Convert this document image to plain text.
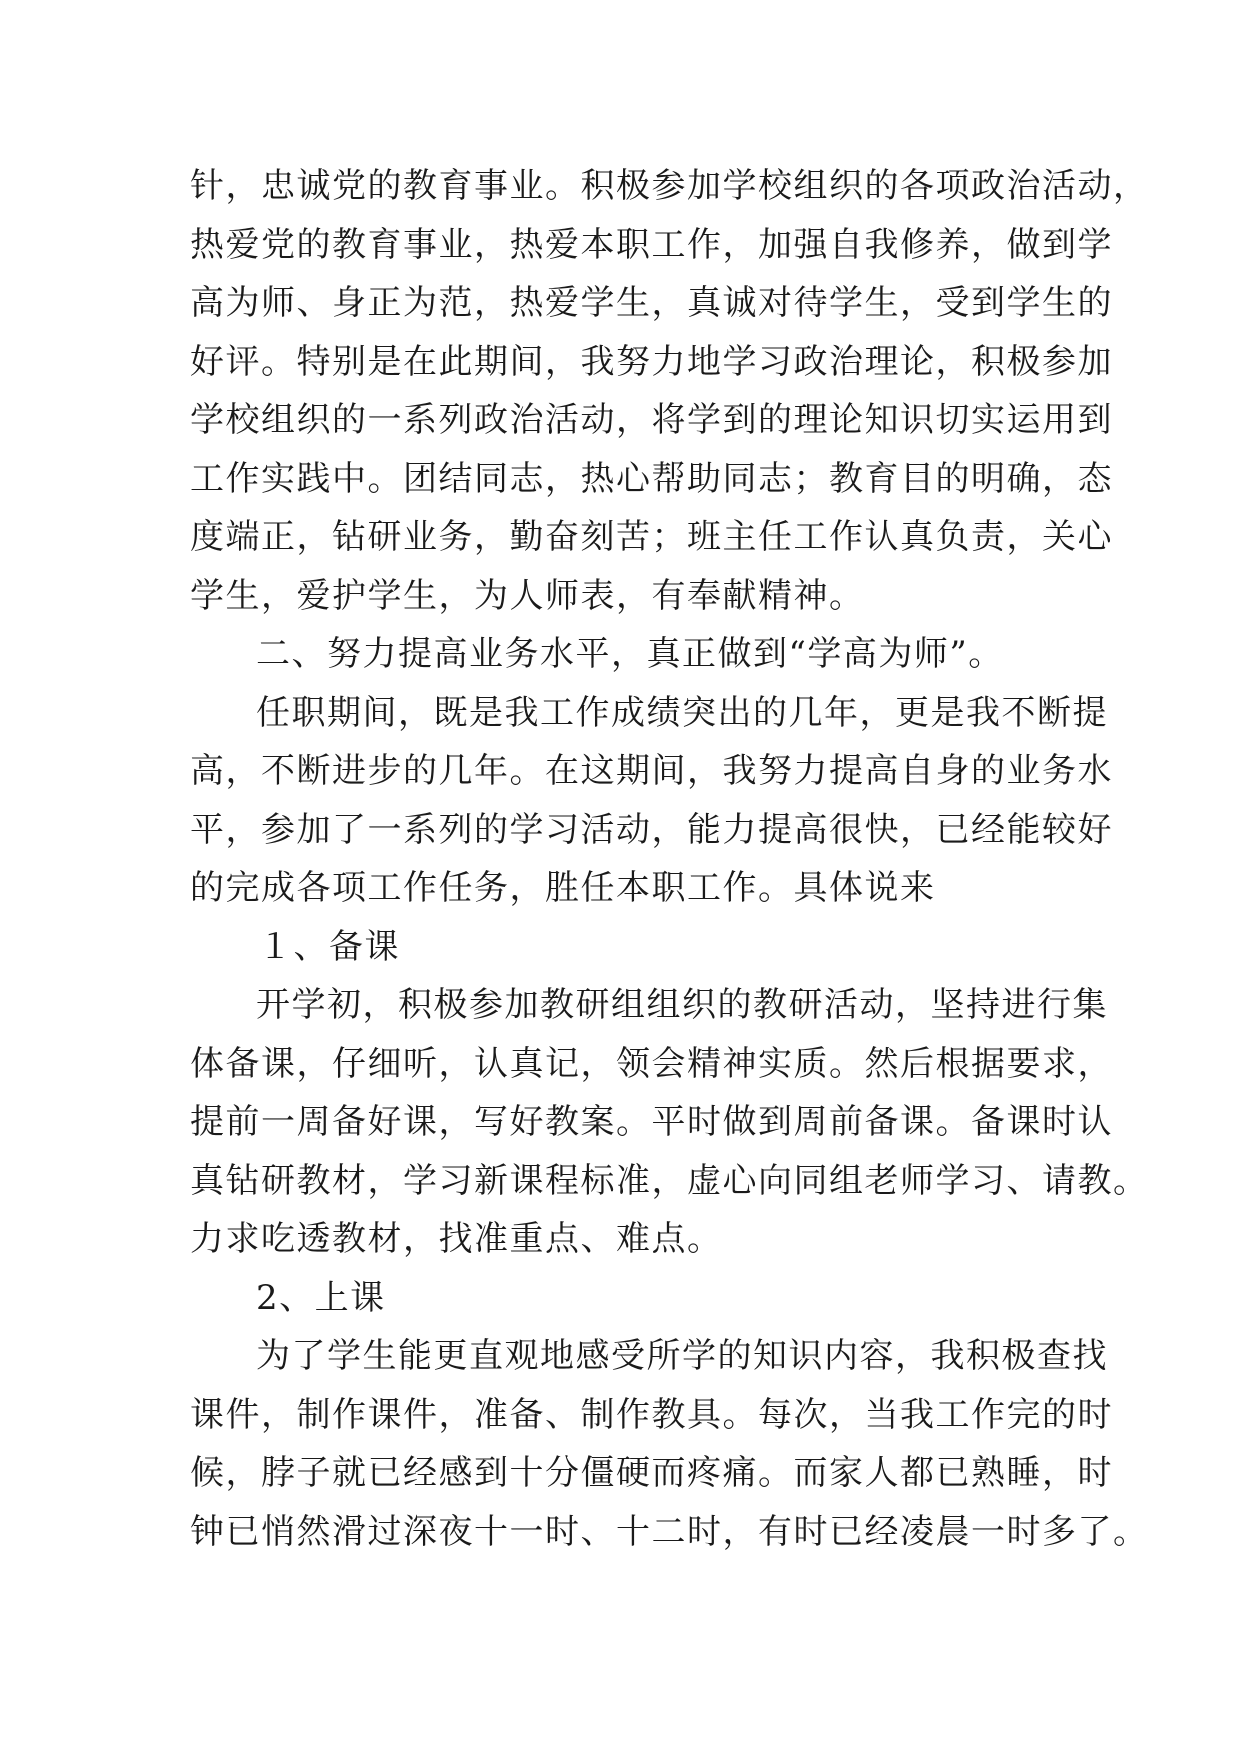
针，忠诚党的教育事业。积极参加学校组织的各项政治活动，
热爱党的教育事业，热爱本职工作，加强自我修养，做到学
高为师、身正为范，热爱学生，真诚对待学生，受到学生的
好评。特别是在此期间，我努力地学习政治理论，积极参加
学校组织的一系列政治活动，将学到的理论知识切实运用到
工作实践中。团结同志，热心帮助同志；教育目的明确，态
度端正，钻研业务，勤奋刻苦；班主任工作认真负责，关心
学生，爱护学生，为人师表，有奉献精神。
二、努力提高业务水平，真正做到“学高为师”。
任职期间，既是我工作成绩突出的几年，更是我不断提
高，不断进步的几年。在这期间，我努力提高自身的业务水
平，参加了一系列的学习活动，能力提高很快，已经能较好
的完成各项工作任务，胜任本职工作。具体说来
１、备课
开学初，积极参加教研组组织的教研活动，坚持进行集
体备课，仔细听，认真记，领会精神实质。然后根据要求，
提前一周备好课，写好教案。平时做到周前备课。备课时认
真钻研教材，学习新课程标准，虚心向同组老师学习、请教。
力求吃透教材，找准重点、难点。
2、上课
为了学生能更直观地感受所学的知识内容，我积极查找
课件，制作课件，准备、制作教具。每次，当我工作完的时
候，脖子就已经感到十分僵硬而疼痛。而家人都已熟睡，时
钟已悄然滑过深夜十一时、十二时，有时已经凌晨一时多了。
